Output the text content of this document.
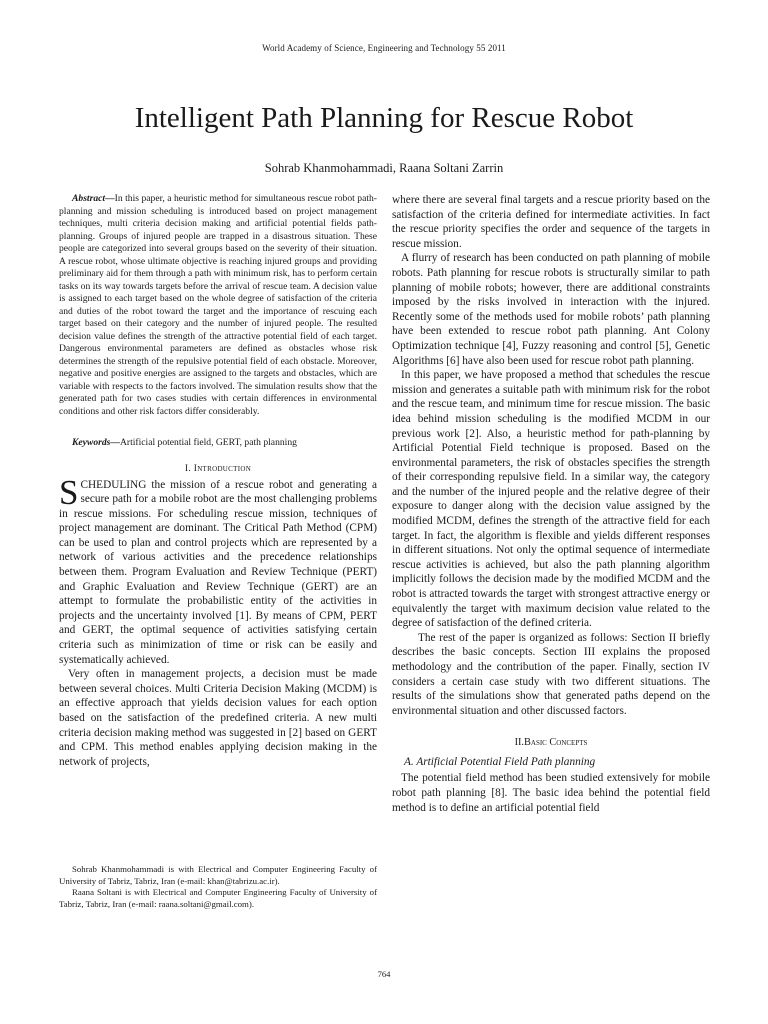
World Academy of Science, Engineering and Technology 55 2011
Intelligent Path Planning for Rescue Robot
Sohrab Khanmohammadi, Raana Soltani Zarrin

Abstract—In this paper, a heuristic method for simultaneous rescue robot path-planning and mission scheduling is introduced based on project management techniques, multi criteria decision making and artificial potential fields path-planning. Groups of injured people are trapped in a disastrous situation. These people are categorized into several groups based on the severity of their situation. A rescue robot, whose ultimate objective is reaching injured groups and providing preliminary aid for them through a path with minimum risk, has to perform certain tasks on its way towards targets before the arrival of rescue team. A decision value is assigned to each target based on the whole degree of satisfaction of the criteria and duties of the robot toward the target and the importance of rescuing each target based on their category and the number of injured people. The resulted decision value defines the strength of the attractive potential field of each target. Dangerous environmental parameters are defined as obstacles whose risk determines the strength of the repulsive potential field of each obstacle. Moreover, negative and positive energies are assigned to the targets and obstacles, which are variable with respects to the factors involved. The simulation results show that the generated path for two cases studies with certain differences in environmental conditions and other risk factors differ considerably.

Keywords—Artificial potential field, GERT, path planning

I. Introduction

SCHEDULING the mission of a rescue robot and generating a secure path for a mobile robot are the most challenging problems in rescue missions. For scheduling rescue mission, techniques of project management are dominant. The Critical Path Method (CPM) can be used to plan and control projects which are represented by a network of various activities and the precedence relationships between them. Program Evaluation and Review Technique (PERT) and Graphic Evaluation and Review Technique (GERT) are an attempt to formulate the probabilistic entity of the activities in projects and the uncertainty involved [1]. By means of CPM, PERT and GERT, the optimal sequence of activities satisfying certain criteria such as minimization of time or risk can be easily and systematically achieved.

Very often in management projects, a decision must be made between several choices. Multi Criteria Decision Making (MCDM) is an effective approach that yields decision values for each option based on the satisfaction of the predefined criteria. A new multi criteria decision making method was suggested in [2] based on GERT and CPM. This method enables applying decision making in the network of projects,

Sohrab Khanmohammadi is with Electrical and Computer Engineering Faculty of University of Tabriz, Tabriz, Iran (e-mail: khan@tabrizu.ac.ir).

Raana Soltani is with Electrical and Computer Engineering Faculty of University of Tabriz, Tabriz, Iran (e-mail: raana.soltani@gmail.com).

where there are several final targets and a rescue priority based on the satisfaction of the criteria defined for intermediate activities. In fact the rescue priority specifies the order and sequence of the targets in rescue mission.

A flurry of research has been conducted on path planning of mobile robots. Path planning for rescue robots is structurally similar to path planning of mobile robots; however, there are additional constraints imposed by the risks involved in interaction with the injured. Recently some of the methods used for mobile robots’ path planning have been extended to rescue robot path planning. Ant Colony Optimization technique [4], Fuzzy reasoning and control [5], Genetic Algorithms [6] have also been used for rescue robot path planning.

In this paper, we have proposed a method that schedules the rescue mission and generates a suitable path with minimum risk for the robot and the rescue team, and minimum time for rescue mission. The basic idea behind mission scheduling is the modified MCDM in our previous work [2]. Also, a heuristic method for path-planning by Artificial Potential Field technique is proposed. Based on the environmental parameters, the risk of obstacles specifies the strength of their corresponding repulsive field. In a similar way, the category and the number of the injured people and the relative degree of their exposure to danger along with the decision value assigned by the modified MCDM, defines the strength of the attractive field for each target. In fact, the algorithm is flexible and yields different responses in different situations. Not only the optimal sequence of intermediate rescue activities is achieved, but also the path planning algorithm implicitly follows the decision made by the modified MCDM and the robot is attracted towards the target with strongest attractive energy or equivalently the target with maximum decision value related to the degree of satisfaction of the defined criteria.

The rest of the paper is organized as follows: Section II briefly describes the basic concepts. Section III explains the proposed methodology and the contribution of the paper. Finally, section IV considers a certain case study with two different situations. The results of the simulations show that generated paths depend on the environmental situation and other discussed factors.

II.Basic Concepts
A. Artificial Potential Field Path planning

The potential field method has been studied extensively for mobile robot path planning [8]. The basic idea behind the potential field method is to define an artificial potential field

764
